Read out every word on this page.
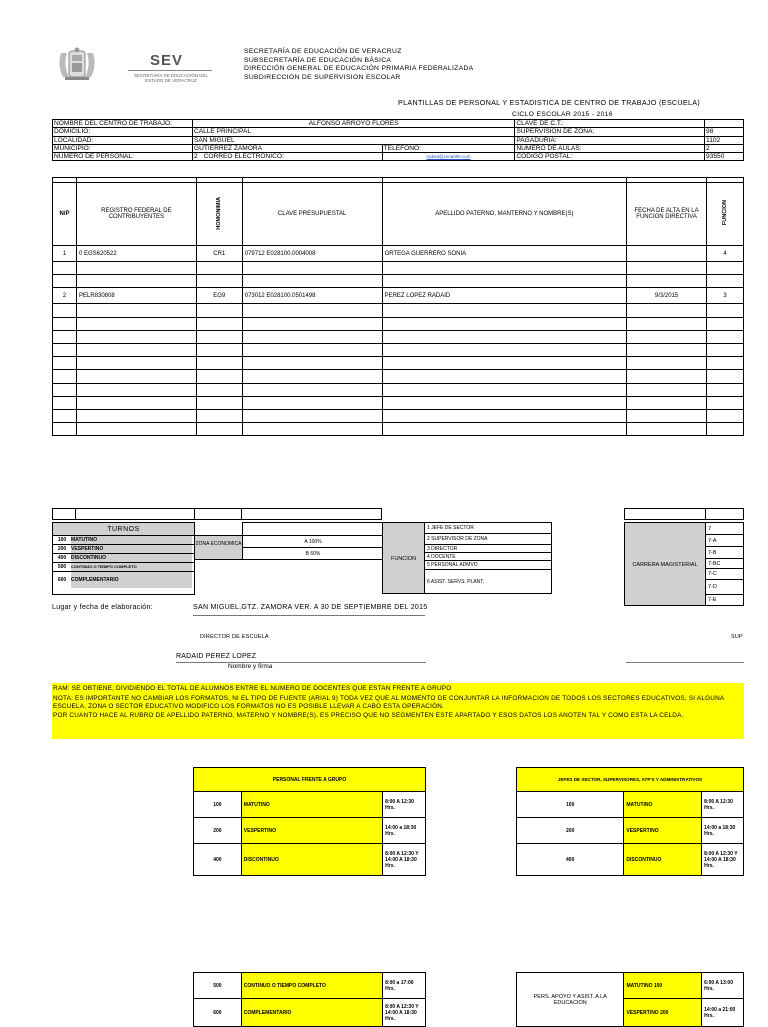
SEV
SECRETARÍA DE EDUCACIÓN DEL ESTADO DE VERACRUZ
SECRETARÍA DE EDUCACIÓN DE VERACRUZ
SUBSECRETARÍA DE EDUCACIÓN BÁSICA
DIRECCIÓN GENERAL DE EDUCACIÓN PRIMARIA FEDERALIZADA
SUBDIRECCION DE SUPERVISION ESCOLAR
PLANTILLAS DE PERSONAL Y ESTADISTICA DE CENTRO DE TRABAJO (ESCUELA)
CICLO ESCOLAR 2015 - 2016
NOMBRE DEL CENTRO DE TRABAJO:	ALFONSO ARROYO FLORES		CLAVE DE C.T.:	
DOMICILIO:	CALLE PRINCIPAL		SUPERVISION DE ZONA:	98
LOCALIDAD:	SAN MIGUEL		PAGADURIA:	1102
MUNICIPIO:	GUTIERREZ ZAMORA	TELEFONO:	NUMERO DE AULAS:	2
NUMERO DE PERSONAL:	2 CORREO ELECTRONICO:	radaid@zona098.com	CODIGO POSTAL:	93550

N/P	REGISTRO FEDERAL DE CONTRIBUYENTES	HOMONIMIA	CLAVE PRESUPUESTAL	APELLIDO PATERNO, MANTERNO Y NOMBRE(S)	FECHA DE ALTA EN LA FUNCION DIRECTIVA	FUNCION
1	0 EGS620522	CR1	079712 E028100.0004008	ORTEGA GUERRERO SONIA		4

2	PELR830808	EG9	073012 E028100.0501498	PEREZ LOPEZ RADAID	9/3/2015	3

TURNOS
100 MATUTINO
200 VESPERTINO
400 DISCONTINUO
500 CONTINUO O TIEMPO COMPLETO
600 COMPLEMENTARIO
ZONA ECONOMICA	A 100%
B 60%
FUNCION
1 JEFE DE SECTOR
2 SUPERVISOR DE ZONA
3 DIRECTOR
4 DOCENTE
5 PERSONAL ADMVO
6 ASIST. SERVS. PLANT.
CARRERA MAGISTERIAL
7
7-A
7-B
7-BC
7-C
7-D
7-E
Lugar y fecha de elaboración:	SAN MIGUEL,GTZ. ZAMORA VER. A 30 DE SEPTIEMBRE DEL 2015
DIRECTOR DE ESCUELA	SUP
RADAID PEREZ LOPEZ
Nombre y firma
RAM: SE OBTIENE, DIVIDIENDO EL TOTAL DE ALUMNOS ENTRE EL NUMERO DE DOCENTES QUE ESTAN FRENTE A GRUPO
NOTA: ES IMPORTANTE NO CAMBIAR LOS FORMATOS, NI EL TIPO DE FUENTE (ARIAL 9) TODA VEZ QUE AL MOMENTO DE CONJUNTAR LA INFORMACION DE TODOS LOS SECTORES EDUCATIVOS, SI ALGUNA ESCUELA, ZONA O SECTOR EDUCATIVO MODIFICO LOS FORMATOS NO ES POSIBLE LLEVAR A CABO ESTA OPERACIÓN.
POR CUANTO HACE AL RUBRO DE APELLIDO PATERNO, MATERNO Y NOMBRE(S), ES PRECISO QUE NO SEGMENTEN ESTE APARTADO Y ESOS DATOS LOS ANOTEN TAL Y COMO ESTA LA CELDA.
PERSONAL FRENTE A GRUPO		
100	MATUTINO	8:00 A 12:30 Hrs.
200	VESPERTINO	14:00 a 18:30 Hrs.
400	DISCONTINUO	8:00 A 12:30 Y 14:00 A 18:30 Hrs.
JEFES DE SECTOR, SUPERVISORES, ATP'S Y ADMINISTRATIVOS		
100	MATUTINO	8:00 A 12:30 Hrs.
200	VESPERTINO	14:00 a 18:30 Hrs.
400	DISCONTINUO	8:00 A 12:30 Y 14:00 A 18:30 Hrs.
500	CONTINUO O TIEMPO COMPLETO	8:00 a 17:00 Hrs.
600	COMPLEMENTARIO	8:00 A 12:30 Y 14:00 A 18:30 Hrs.
PERS. APOYO Y ASIST. A LA EDUCACION	MATUTINO 100	6:00 A 13:00 Hrs.
	VESPERTINO 200	14:00 a 21:00 Hrs.
